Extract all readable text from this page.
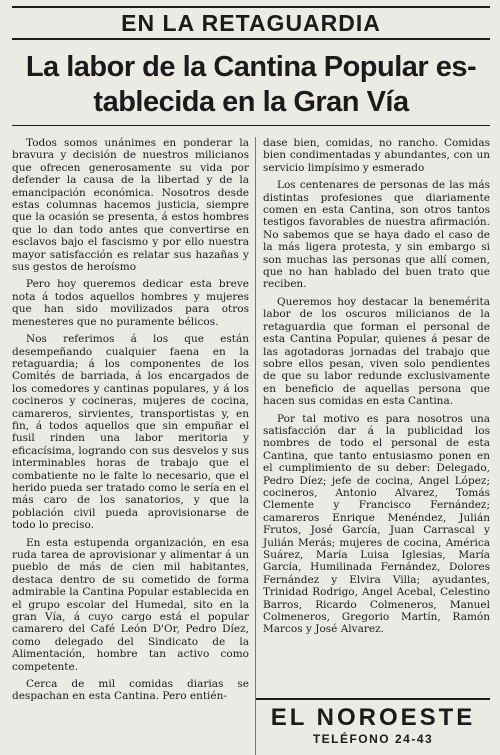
EN LA RETAGUARDIA
La labor de la Cantina Popular es-
tablecida en la Gran Vía

Todos somos unánimes en ponderar la bravura y decisión de nuestros milicianos que ofrecen generosamente su vida por defender la causa de la libertad y de la emancipación económica. Nosotros desde estas columnas hacemos justicia, siempre que la ocasión se presenta, á estos hombres que lo dan todo antes que convertirse en esclavos bajo el fascismo y por ello nuestra mayor satisfacción es relatar sus hazañas y sus gestos de heroísmo

Pero hoy queremos dedicar esta breve nota á todos aquellos hombres y mujeres que han sido movilizados para otros menesteres que no puramente bélicos.

Nos referimos á los que están desempeñando cualquier faena en la retaguardia; á los componentes de los Comités de barriada, á los encargados de los comedores y cantinas populares, y á los cocineros y cocineras, mujeres de cocina, camareros, sirvientes, transportistas y, en fin, á todos aquellos que sin empuñar el fusil rinden una labor meritoria y eficacísima, logrando con sus desvelos y sus interminables horas de trabajo que el combatiente no le falte lo necesario, que el herido pueda ser tratado como le sería en el más caro de los sanatorios, y que la población civil pueda aprovisionarse de todo lo preciso.

En esta estupenda organización, en esa ruda tarea de aprovisionar y alimentar á un pueblo de más de cien mil habitantes, destaca dentro de su cometido de forma admirable la Cantina Popular establecida en el grupo escolar del Humedal, sito en la gran Vía, á cuyo cargo está el popular camarero del Café León D'Or, Pedro Díez, como delegado del Sindicato de la Alimentación, hombre tan activo como competente.

Cerca de mil comidas diarias se despachan en esta Cantina. Pero entién-

dase bien, comidas, no rancho. Comidas bien condimentadas y abundantes, con un servicio limpísimo y esmerado

Los centenares de personas de las más distintas profesiones que diariamente comen en esta Cantina, son otros tantos testigos favorables de nuestra afirmación. No sabemos que se haya dado el caso de la más ligera protesta, y sin embargo si son muchas las personas que allí comen, que no han hablado del buen trato que reciben.

Queremos hoy destacar la beneméritа labor de los oscuros milicianos de la retaguardia que forman el personal de esta Cantina Popular, quienes á pesar de las agotadoras jornadas del trabajo que sobre ellos pesan, viven solo pendientes de que su labor redunde exclusivamente en beneficio de aquellas persona que hacen sus comidas en esta Cantina.

Por tal motivo es para nosotros una satisfacción dar á la publicidad los nombres de todo el personal de esta Cantina, que tanto entusiasmo ponen en el cumplimiento de su deber: Delegado, Pedro Díez; jefe de cocina, Angel López; cocineros, Antonio Alvarez, Tomás Clemente y Francisco Fernández; camareros Enrique Menéndez, Julián Frutos, José García, Juan Carrascal y Julián Merás; mujeres de cocina, América Suárez, María Luisa Iglesias, María García, Humilinada Fernández, Dolores Fernández y Elvira Villa; ayudantes, Trinidad Rodrigo, Angel Acebal, Celestino Barros, Ricardo Colmeneros, Manuel Colmeneros, Gregorio Martín, Ramón Marcos y José Alvarez.

EL NOROESTE
TELÉFONO 24-43
